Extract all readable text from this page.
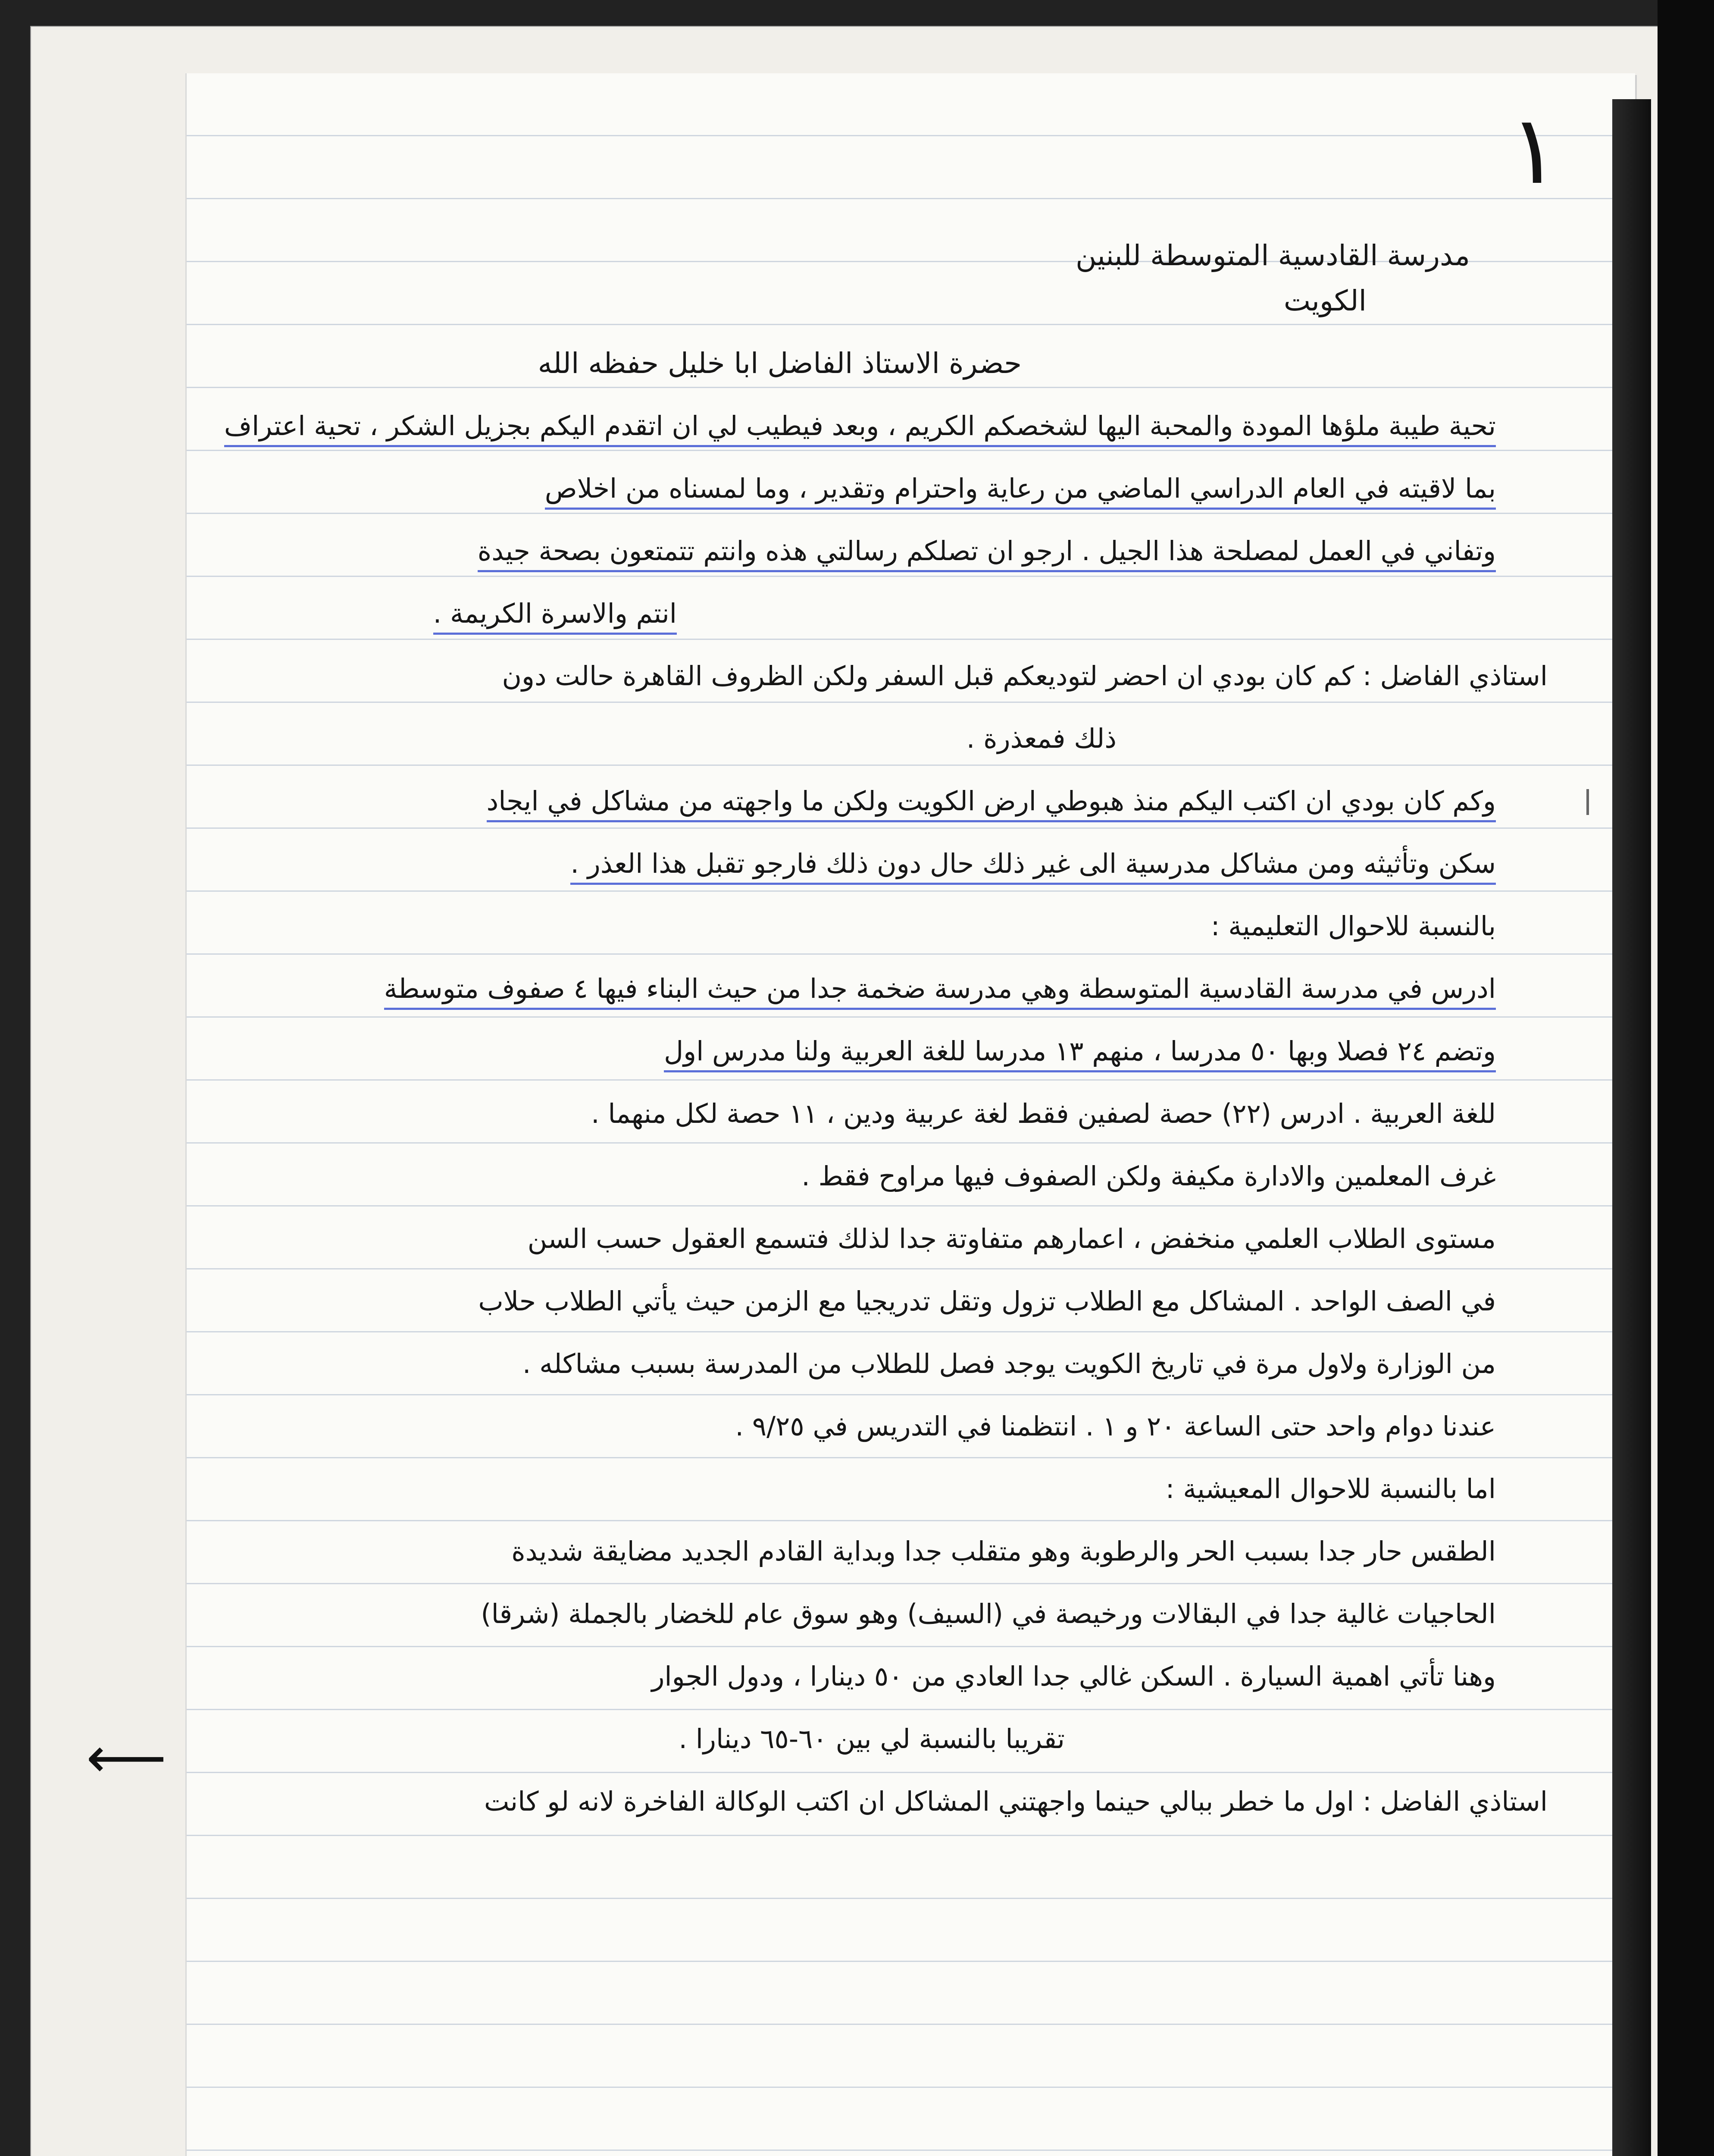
١
مدرسة القادسية المتوسطة للبنين
الكويت
حضرة الاستاذ الفاضل ابا خليل حفظه الله
تحية طيبة ملؤها المودة والمحبة اليها لشخصكم الكريم ، وبعد فيطيب لي ان اتقدم اليكم بجزيل الشكر ، تحية اعتراف
بما لاقيته في العام الدراسي الماضي من رعاية واحترام وتقدير ، وما لمسناه من اخلاص
وتفاني في العمل لمصلحة هذا الجيل . ارجو ان تصلكم رسالتي هذه وانتم تتمتعون بصحة جيدة
انتم والاسرة الكريمة .
استاذي الفاضل : كم كان بودي ان احضر لتوديعكم قبل السفر ولكن الظروف القاهرة حالت دون
ذلك فمعذرة .
وكم كان بودي ان اكتب اليكم منذ هبوطي ارض الكويت ولكن ما واجهته من مشاكل في ايجاد
سكن وتأثيثه ومن مشاكل مدرسية الى غير ذلك حال دون ذلك فارجو تقبل هذا العذر .
بالنسبة للاحوال التعليمية :
ادرس في مدرسة القادسية المتوسطة وهي مدرسة ضخمة جدا من حيث البناء فيها ٤ صفوف متوسطة
وتضم ٢٤ فصلا وبها ٥٠ مدرسا ، منهم ١٣ مدرسا للغة العربية ولنا مدرس اول
للغة العربية . ادرس (٢٢) حصة لصفين فقط لغة عربية ودين ، ١١ حصة لكل منهما .
غرف المعلمين والادارة مكيفة ولكن الصفوف فيها مراوح فقط .
مستوى الطلاب العلمي منخفض ، اعمارهم متفاوتة جدا لذلك فتسمع العقول حسب السن
في الصف الواحد . المشاكل مع الطلاب تزول وتقل تدريجيا مع الزمن حيث يأتي الطلاب حلاب
من الوزارة ولاول مرة في تاريخ الكويت يوجد فصل للطلاب من المدرسة بسبب مشاكله .
عندنا دوام واحد حتى الساعة ٢٠ و ١ . انتظمنا في التدريس في ٩/٢٥ .
اما بالنسبة للاحوال المعيشية :
الطقس حار جدا بسبب الحر والرطوبة وهو متقلب جدا وبداية القادم الجديد مضايقة شديدة
الحاجيات غالية جدا في البقالات ورخيصة في (السيف) وهو سوق عام للخضار بالجملة (شرقا)
وهنا تأتي اهمية السيارة . السكن غالي جدا العادي من ٥٠ دينارا ، ودول الجوار
تقريبا بالنسبة لي بين ٦٠-٦٥ دينارا .
استاذي الفاضل : اول ما خطر ببالي حينما واجهتني المشاكل ان اكتب الوكالة الفاخرة لانه لو كانت
⟵
